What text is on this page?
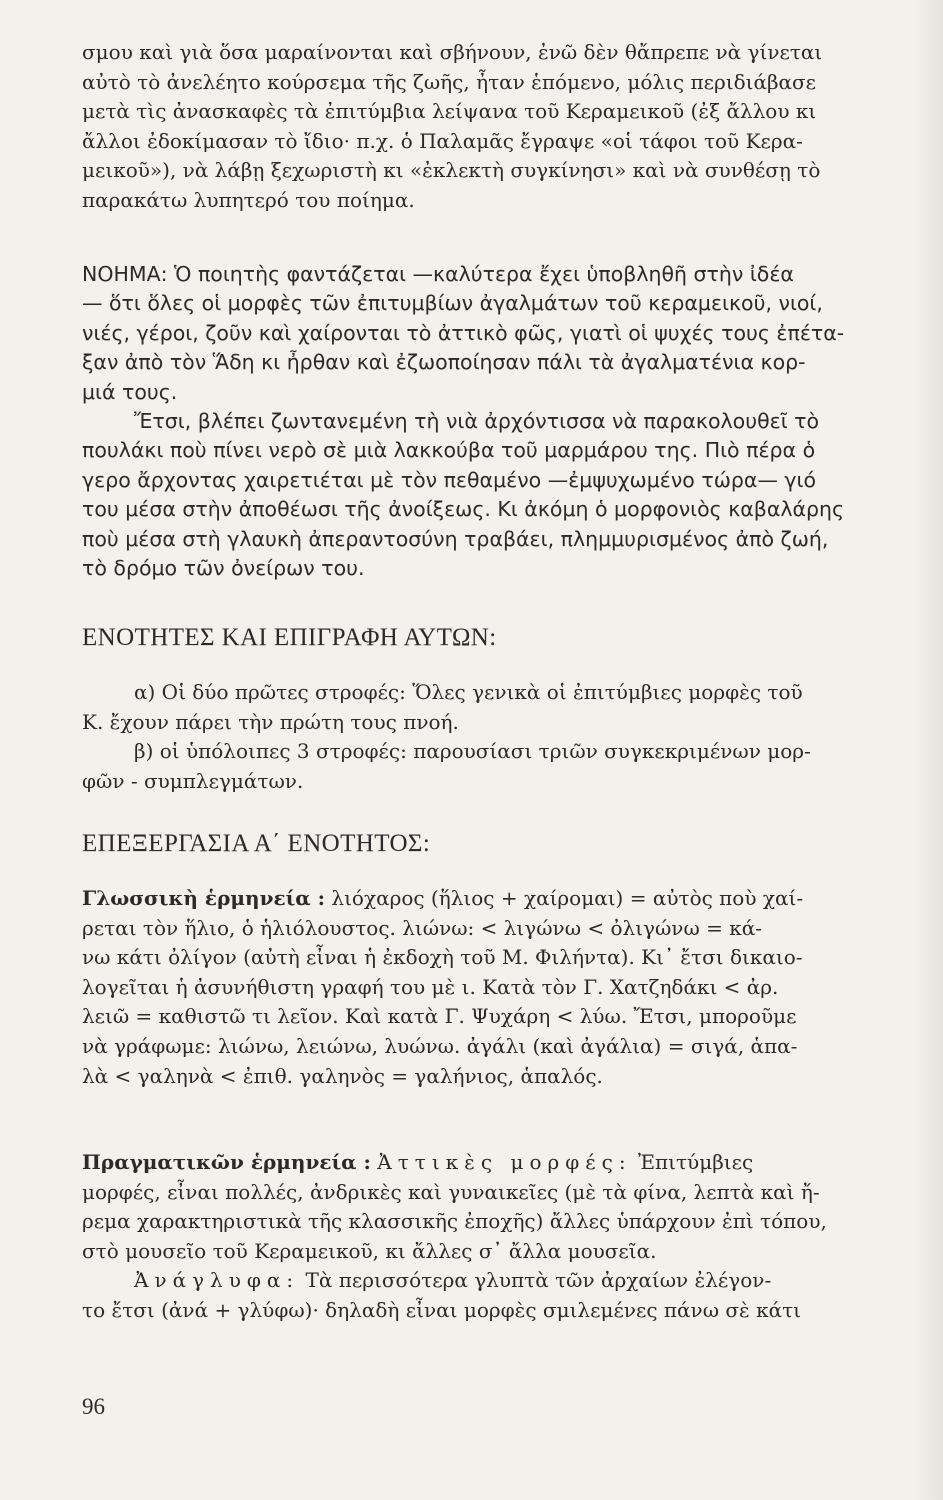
σμου καὶ γιὰ ὅσα μαραίνονται καὶ σβήνουν, ἐνῶ δὲν θἄπρεπε νὰ γίνεται
αὐτὸ τὸ ἀνελέητο κούρσεμα τῆς ζωῆς, ἦταν ἑπόμενο, μόλις περιδιάβασε
μετὰ τὶς ἀνασκαφὲς τὰ ἐπιτύμβια λείψανα τοῦ Κεραμεικοῦ (ἐξ ἄλλου κι
ἄλλοι ἐδοκίμασαν τὸ ἴδιο· π.χ. ὁ Παλαμᾶς ἔγραψε «οἱ τάφοι τοῦ Κερα-
μεικοῦ»), νὰ λάβῃ ξεχωριστὴ κι «ἐκλεκτὴ συγκίνησι» καὶ νὰ συνθέσῃ τὸ
παρακάτω λυπητερό του ποίημα.
ΝΟΗΜΑ: Ὁ ποιητὴς φαντάζεται —καλύτερα ἔχει ὑποβληθῆ στὴν ἰδέα
— ὅτι ὅλες οἱ μορφὲς τῶν ἐπιτυμβίων ἀγαλμάτων τοῦ κεραμεικοῦ, νιοί,
νιές, γέροι, ζοῦν καὶ χαίρονται τὸ ἀττικὸ φῶς, γιατὶ οἱ ψυχές τους ἐπέτα-
ξαν ἀπὸ τὸν Ἅδη κι ἦρθαν καὶ ἐζωοποίησαν πάλι τὰ ἀγαλματένια κορ-
μιά τους.
Ἔτσι, βλέπει ζωντανεμένη τὴ νιὰ ἀρχόντισσα νὰ παρακολουθεῖ τὸ
πουλάκι ποὺ πίνει νερὸ σὲ μιὰ λακκούβα τοῦ μαρμάρου της. Πιὸ πέρα ὁ
γερο ἄρχοντας χαιρετιέται μὲ τὸν πεθαμένο —ἐμψυχωμένο τώρα— γιό
του μέσα στὴν ἀποθέωσι τῆς ἀνοίξεως. Κι ἀκόμη ὁ μορφονιὸς καβαλάρης
ποὺ μέσα στὴ γλαυκὴ ἀπεραντοσύνη τραβάει, πλημμυρισμένος ἀπὸ ζωή,
τὸ δρόμο τῶν ὀνείρων του.
ΕΝΟΤΗΤΕΣ ΚΑΙ ΕΠΙΓΡΑΦΗ ΑΥΤΩΝ:
α) Οἱ δύο πρῶτες στροφές: Ὅλες γενικὰ οἱ ἐπιτύμβιες μορφὲς τοῦ
Κ. ἔχουν πάρει τὴν πρώτη τους πνοή.
β) οἱ ὑπόλοιπες 3 στροφές: παρουσίασι τριῶν συγκεκριμένων μορ-
φῶν - συμπλεγμάτων.
ΕΠΕΞΕΡΓΑΣΙΑ Α΄ ΕΝΟΤΗΤΟΣ:
Γλωσσικὴ ἑρμηνεία : λιόχαρος (ἥλιος + χαίρομαι) = αὐτὸς ποὺ χαί-
ρεται τὸν ἥλιο, ὁ ἡλιόλουστος. λιώνω: < λιγώνω < ὀλιγώνω = κά-
νω κάτι ὀλίγον (αὐτὴ εἶναι ἡ ἐκδοχὴ τοῦ Μ. Φιλήντα). Κι᾽ ἔτσι δικαιο-
λογεῖται ἡ ἀσυνήθιστη γραφή του μὲ ι. Κατὰ τὸν Γ. Χατζηδάκι < ἀρ.
λειῶ = καθιστῶ τι λεῖον. Καὶ κατὰ Γ. Ψυχάρη < λύω. Ἔτσι, μποροῦμε
νὰ γράφωμε: λιώνω, λειώνω, λυώνω. ἀγάλι (καὶ ἀγάλια) = σιγά, ἁπα-
λὰ < γαληνὰ < ἐπιθ. γαληνὸς = γαλήνιος, ἁπαλός.
Πραγματικῶν ἑρμηνεία : Ἀττικὲς μορφές: Ἐπιτύμβιες
μορφές, εἶναι πολλές, ἀνδρικὲς καὶ γυναικεῖες (μὲ τὰ φίνα, λεπτὰ καὶ ἤ-
ρεμα χαρακτηριστικὰ τῆς κλασσικῆς ἐποχῆς) ἄλλες ὑπάρχουν ἐπὶ τόπου,
στὸ μουσεῖο τοῦ Κεραμεικοῦ, κι ἄλλες σ᾽ ἄλλα μουσεῖα.
Ἀνάγλυφα: Τὰ περισσότερα γλυπτὰ τῶν ἀρχαίων ἐλέγον-
το ἔτσι (ἀνά + γλύφω)· δηλαδὴ εἶναι μορφὲς σμιλεμένες πάνω σὲ κάτι
96
